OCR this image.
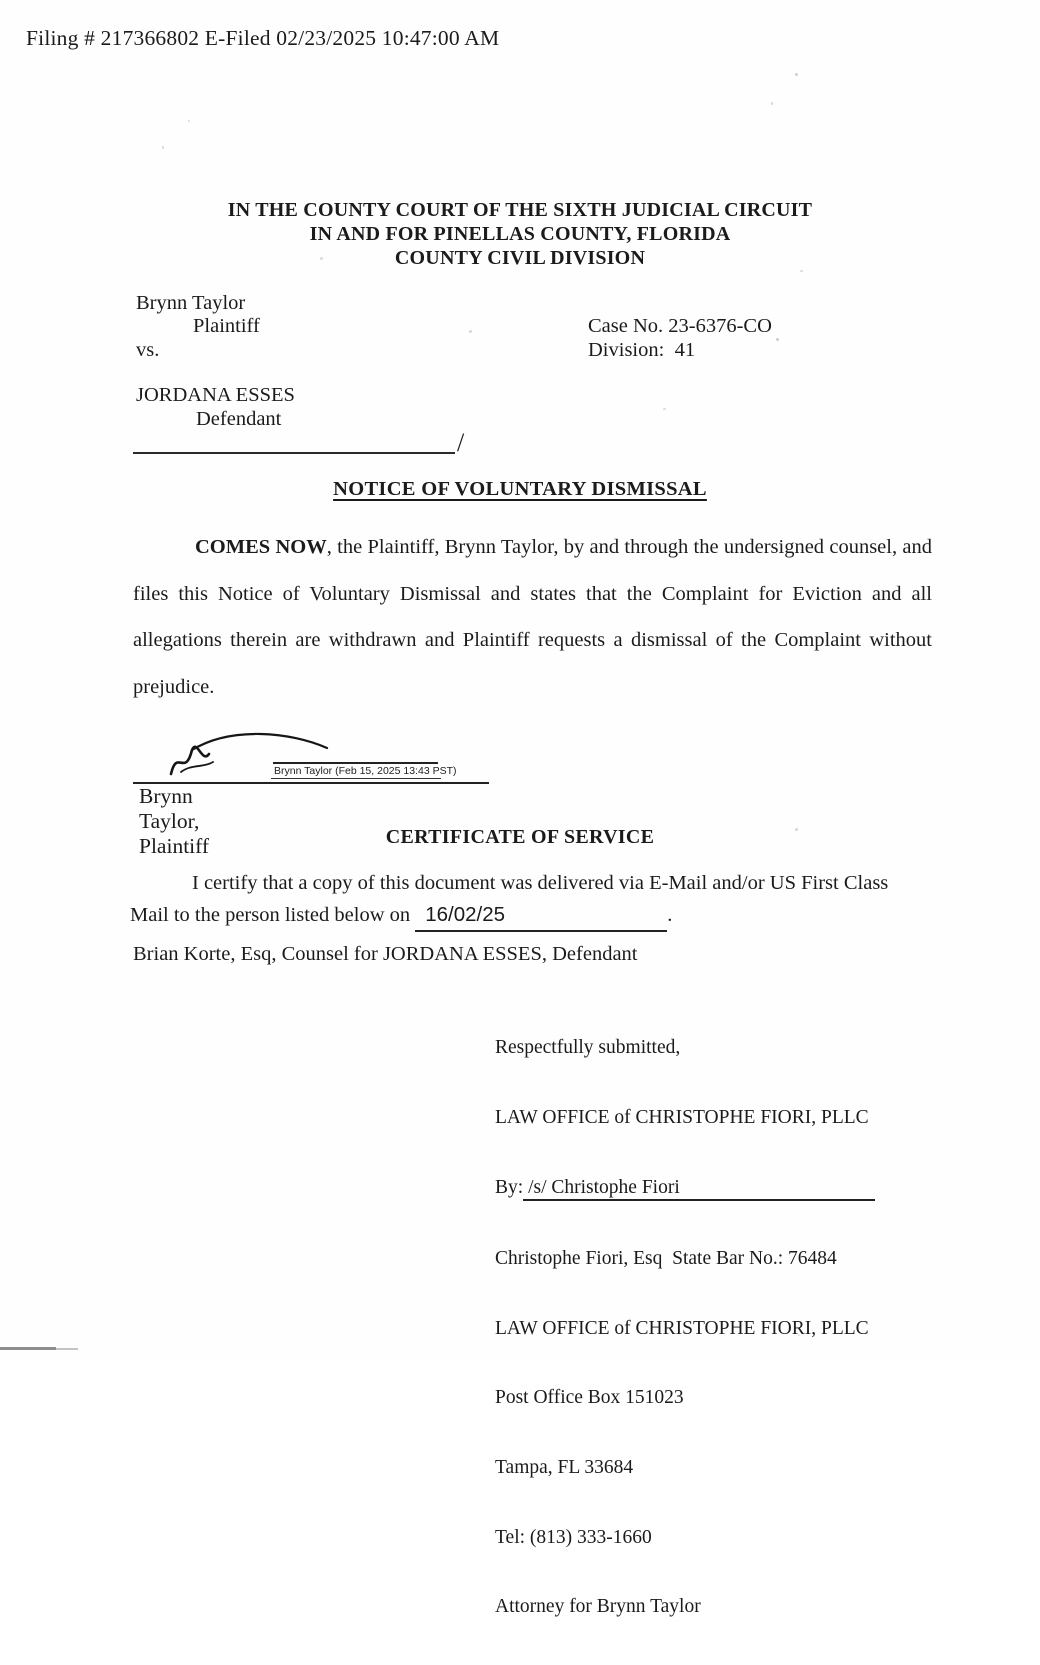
Filing # 217366802 E-Filed 02/23/2025 10:47:00 AM
IN THE COUNTY COURT OF THE SIXTH JUDICIAL CIRCUIT
IN AND FOR PINELLAS COUNTY, FLORIDA
COUNTY CIVIL DIVISION
Brynn Taylor
Plaintiff
vs.
JORDANA ESSES
Defendant
Case No. 23-6376-CO
Division:  41
/
NOTICE OF VOLUNTARY DISMISSAL
COMES NOW, the Plaintiff, Brynn Taylor, by and through the undersigned counsel, and
files this Notice of Voluntary Dismissal and states that the Complaint for Eviction and all
allegations therein are withdrawn and Plaintiff requests a dismissal of the Complaint without
prejudice.
Brynn Taylor (Feb 15, 2025 13:43 PST)
Brynn Taylor, Plaintiff	CERTIFICATE OF SERVICE
I certify that a copy of this document was delivered via E-Mail and/or US First Class
Mail to the person listed below on 16/02/25	.
Brian Korte, Esq, Counsel for JORDANA ESSES, Defendant

Respectfully submitted,

LAW OFFICE of CHRISTOPHE FIORI, PLLC

By: /s/ Christophe Fiori

Christophe Fiori, Esq  State Bar No.: 76484

LAW OFFICE of CHRISTOPHE FIORI, PLLC

Post Office Box 151023

Tampa, FL 33684

Tel: (813) 333-1660

Attorney for Brynn Taylor
